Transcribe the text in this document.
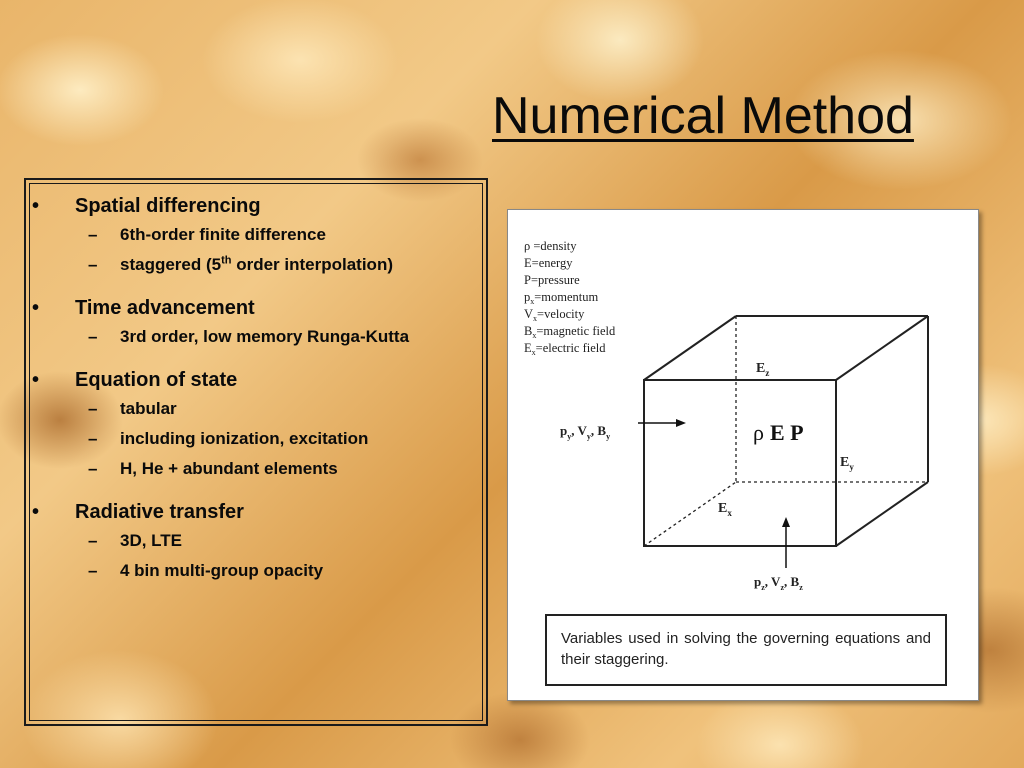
Numerical Method
• Spatial differencing
– 6th-order finite difference
– staggered (5th order interpolation)
• Time advancement
– 3rd order, low memory Runga-Kutta
• Equation of state
– tabular
– including ionization, excitation
– H, He + abundant elements
• Radiative transfer
– 3D, LTE
– 4 bin multi-group opacity
ρ =density
E=energy
P=pressure
$p_x=momentum$
$V_x=velocity$
$B_x=magnetic$ field
$E_x=electric$ field
$E_z$
$E_y$
$E_x$
ρ E P
$p_y$, $V_y$, $B_y$
$p_z$, $V_z$, $B_z$
Variables used in solving the governing equations and their staggering.
